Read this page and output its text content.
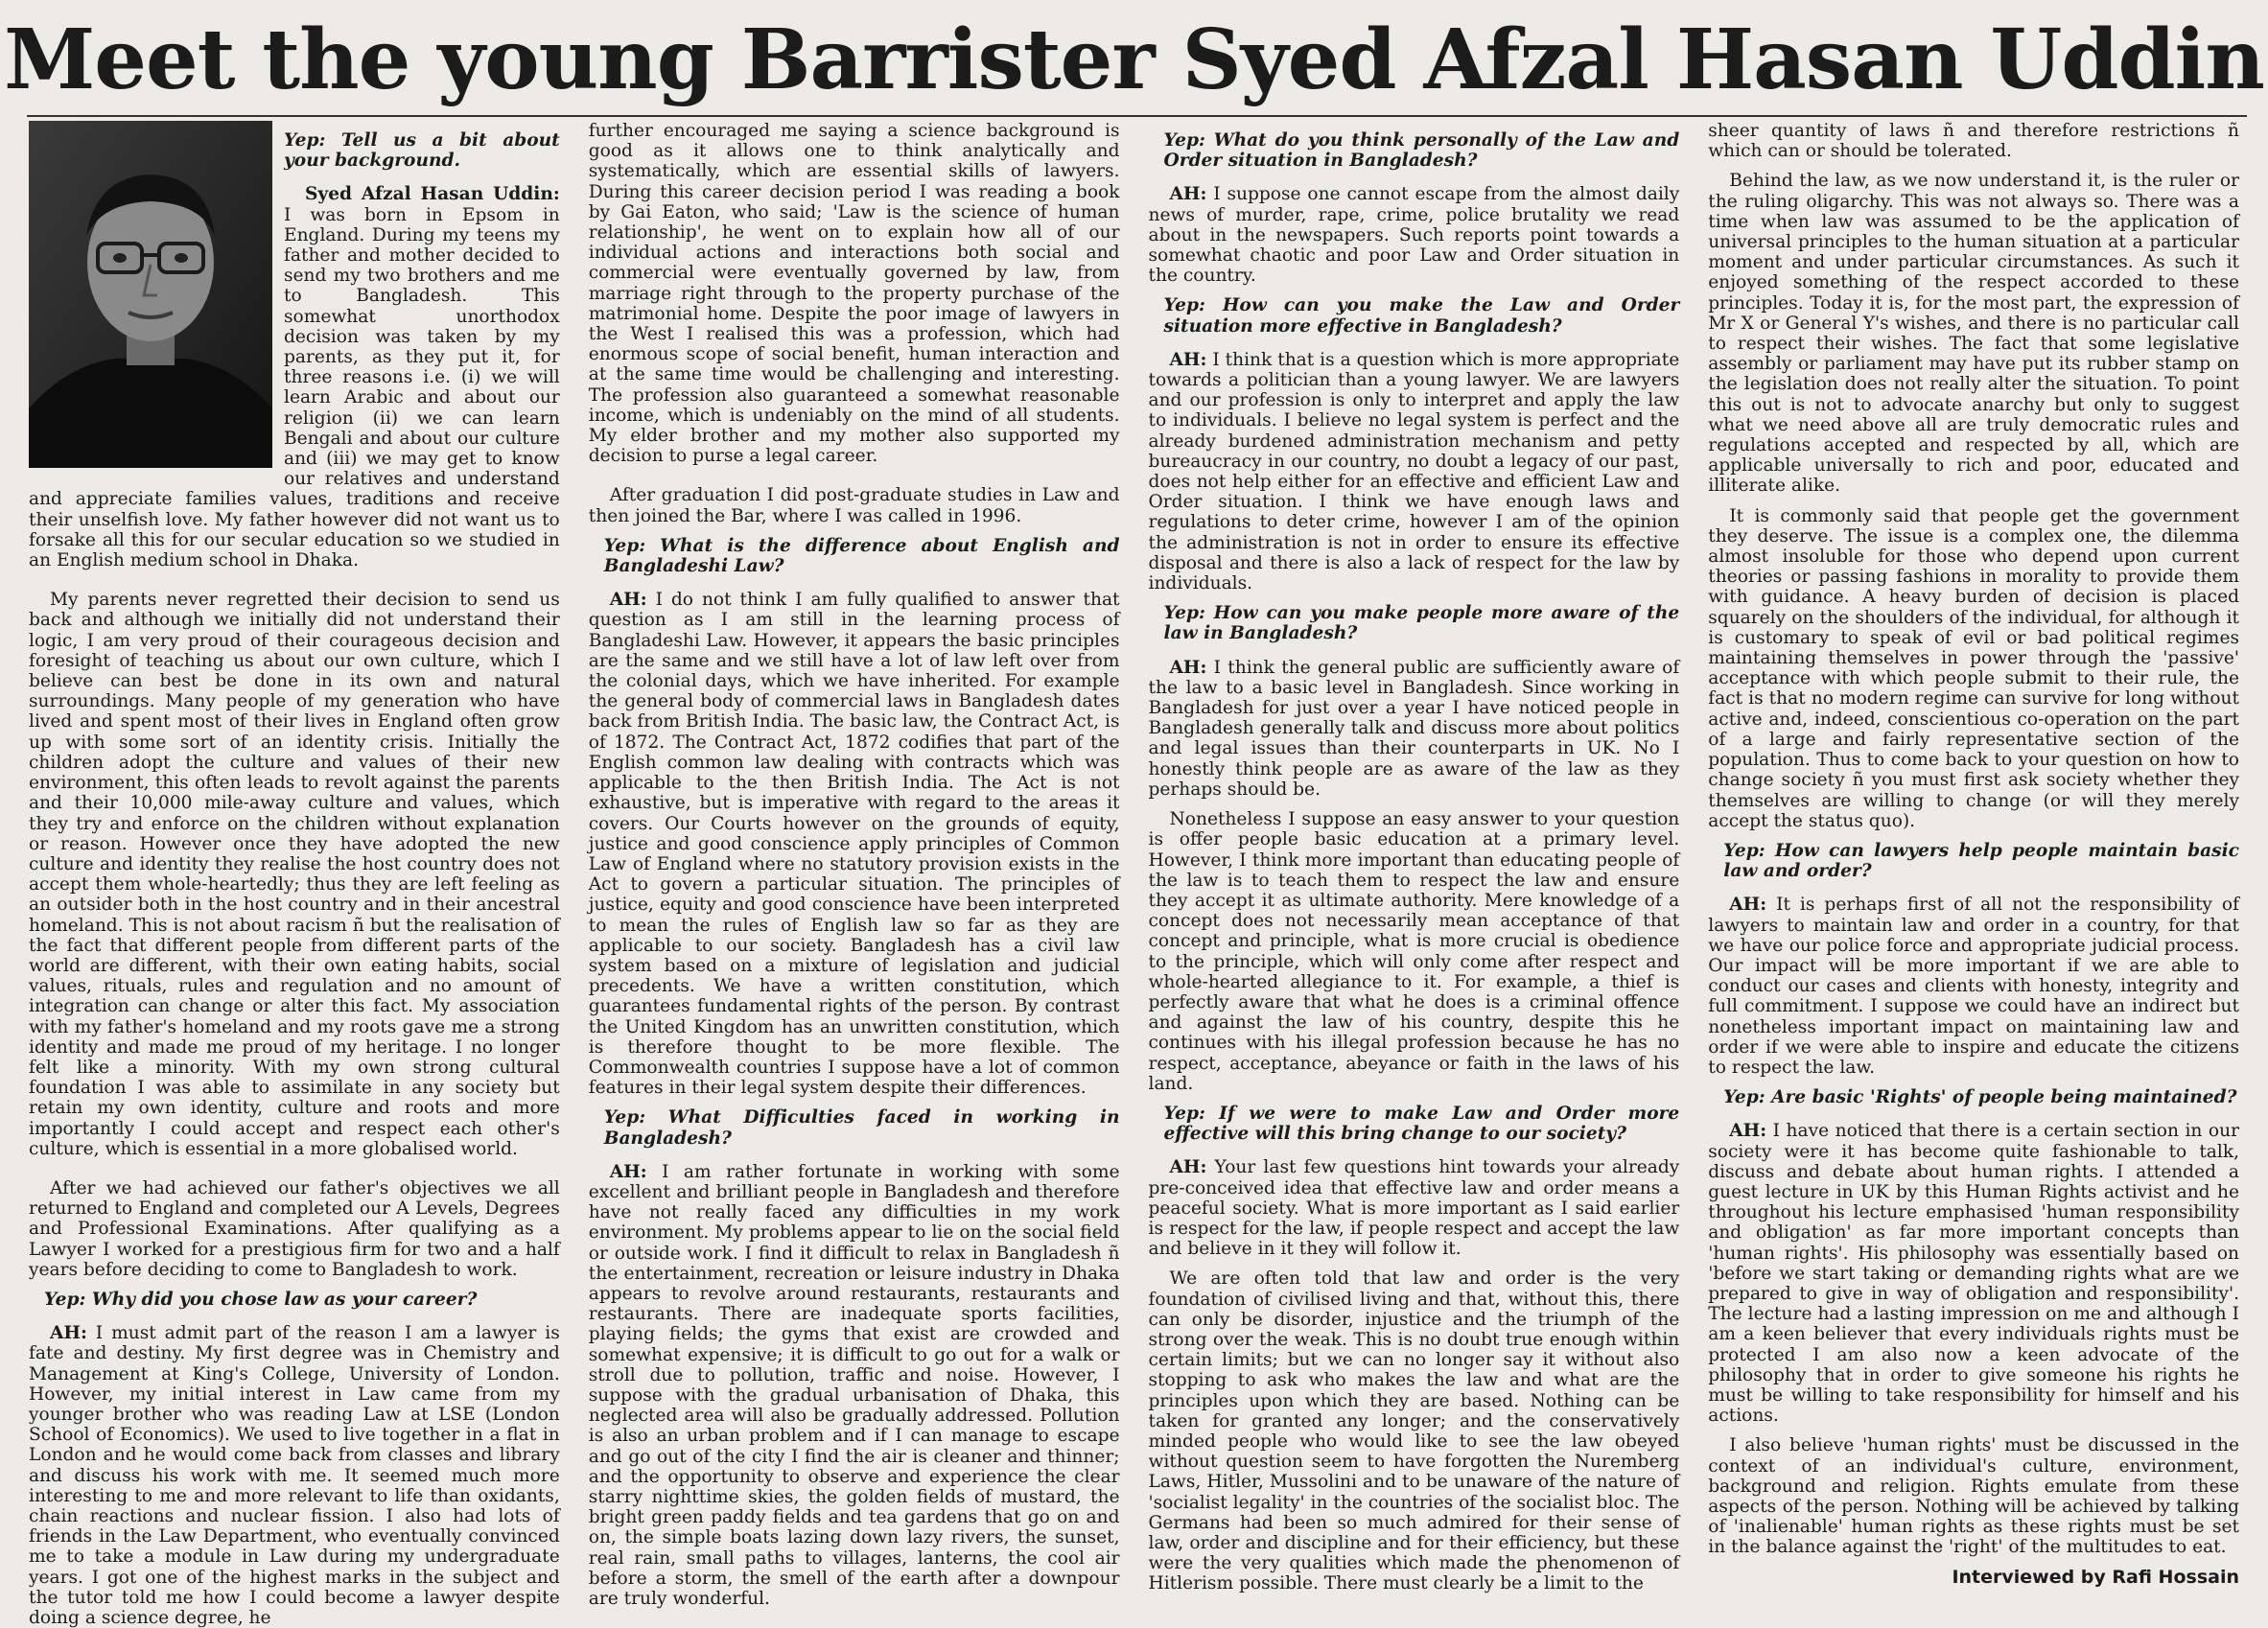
Meet the young Barrister Syed Afzal Hasan Uddin

Yep: Tell us a bit about your background.

Syed Afzal Hasan Uddin: I was born in Epsom in England. During my teens my father and mother decided to send my two brothers and me to Bangladesh. This somewhat unorthodox decision was taken by my parents, as they put it, for three reasons i.e. (i) we will learn Arabic and about our religion (ii) we can learn Bengali and about our culture and (iii) we may get to know our relatives and understand and appreciate families values, traditions and receive their unselfish love. My father however did not want us to forsake all this for our secular education so we studied in an English medium school in Dhaka.

My parents never regretted their decision to send us back and although we initially did not understand their logic, I am very proud of their courageous decision and foresight of teaching us about our own culture, which I believe can best be done in its own and natural surroundings. Many people of my generation who have lived and spent most of their lives in England often grow up with some sort of an identity crisis. Initially the children adopt the culture and values of their new environment, this often leads to revolt against the parents and their 10,000 mile-away culture and values, which they try and enforce on the children without explanation or reason. However once they have adopted the new culture and identity they realise the host country does not accept them whole-heartedly; thus they are left feeling as an outsider both in the host country and in their ancestral homeland. This is not about racism ñ but the realisation of the fact that different people from different parts of the world are different, with their own eating habits, social values, rituals, rules and regulation and no amount of integration can change or alter this fact. My association with my father's homeland and my roots gave me a strong identity and made me proud of my heritage. I no longer felt like a minority. With my own strong cultural foundation I was able to assimilate in any society but retain my own identity, culture and roots and more importantly I could accept and respect each other's culture, which is essential in a more globalised world.

After we had achieved our father's objectives we all returned to England and completed our A Levels, Degrees and Professional Examinations. After qualifying as a Lawyer I worked for a prestigious firm for two and a half years before deciding to come to Bangladesh to work.

Yep: Why did you chose law as your career?

AH: I must admit part of the reason I am a lawyer is fate and destiny. My first degree was in Chemistry and Management at King's College, University of London. However, my initial interest in Law came from my younger brother who was reading Law at LSE (London School of Economics). We used to live together in a flat in London and he would come back from classes and library and discuss his work with me. It seemed much more interesting to me and more relevant to life than oxidants, chain reactions and nuclear fission. I also had lots of friends in the Law Department, who eventually convinced me to take a module in Law during my undergraduate years. I got one of the highest marks in the subject and the tutor told me how I could become a lawyer despite doing a science degree, he

further encouraged me saying a science background is good as it allows one to think analytically and systematically, which are essential skills of lawyers. During this career decision period I was reading a book by Gai Eaton, who said; 'Law is the science of human relationship', he went on to explain how all of our individual actions and interactions both social and commercial were eventually governed by law, from marriage right through to the property purchase of the matrimonial home. Despite the poor image of lawyers in the West I realised this was a profession, which had enormous scope of social benefit, human interaction and at the same time would be challenging and interesting. The profession also guaranteed a somewhat reasonable income, which is undeniably on the mind of all students. My elder brother and my mother also supported my decision to purse a legal career.

After graduation I did post-graduate studies in Law and then joined the Bar, where I was called in 1996.

Yep: What is the difference about English and Bangladeshi Law?

AH: I do not think I am fully qualified to answer that question as I am still in the learning process of Bangladeshi Law. However, it appears the basic principles are the same and we still have a lot of law left over from the colonial days, which we have inherited. For example the general body of commercial laws in Bangladesh dates back from British India. The basic law, the Contract Act, is of 1872. The Contract Act, 1872 codifies that part of the English common law dealing with contracts which was applicable to the then British India. The Act is not exhaustive, but is imperative with regard to the areas it covers. Our Courts however on the grounds of equity, justice and good conscience apply principles of Common Law of England where no statutory provision exists in the Act to govern a particular situation. The principles of justice, equity and good conscience have been interpreted to mean the rules of English law so far as they are applicable to our society. Bangladesh has a civil law system based on a mixture of legislation and judicial precedents. We have a written constitution, which guarantees fundamental rights of the person. By contrast the United Kingdom has an unwritten constitution, which is therefore thought to be more flexible. The Commonwealth countries I suppose have a lot of common features in their legal system despite their differences.

Yep: What Difficulties faced in working in Bangladesh?

AH: I am rather fortunate in working with some excellent and brilliant people in Bangladesh and therefore have not really faced any difficulties in my work environment. My problems appear to lie on the social field or outside work. I find it difficult to relax in Bangladesh ñ the entertainment, recreation or leisure industry in Dhaka appears to revolve around restaurants, restaurants and restaurants. There are inadequate sports facilities, playing fields; the gyms that exist are crowded and somewhat expensive; it is difficult to go out for a walk or stroll due to pollution, traffic and noise. However, I suppose with the gradual urbanisation of Dhaka, this neglected area will also be gradually addressed. Pollution is also an urban problem and if I can manage to escape and go out of the city I find the air is cleaner and thinner; and the opportunity to observe and experience the clear starry nighttime skies, the golden fields of mustard, the bright green paddy fields and tea gardens that go on and on, the simple boats lazing down lazy rivers, the sunset, real rain, small paths to villages, lanterns, the cool air before a storm, the smell of the earth after a downpour are truly wonderful.

Yep: What do you think personally of the Law and Order situation in Bangladesh?

AH: I suppose one cannot escape from the almost daily news of murder, rape, crime, police brutality we read about in the newspapers. Such reports point towards a somewhat chaotic and poor Law and Order situation in the country.

Yep: How can you make the Law and Order situation more effective in Bangladesh?

AH: I think that is a question which is more appropriate towards a politician than a young lawyer. We are lawyers and our profession is only to interpret and apply the law to individuals. I believe no legal system is perfect and the already burdened administration mechanism and petty bureaucracy in our country, no doubt a legacy of our past, does not help either for an effective and efficient Law and Order situation. I think we have enough laws and regulations to deter crime, however I am of the opinion the administration is not in order to ensure its effective disposal and there is also a lack of respect for the law by individuals.

Yep: How can you make people more aware of the law in Bangladesh?

AH: I think the general public are sufficiently aware of the law to a basic level in Bangladesh. Since working in Bangladesh for just over a year I have noticed people in Bangladesh generally talk and discuss more about politics and legal issues than their counterparts in UK. No I honestly think people are as aware of the law as they perhaps should be.

Nonetheless I suppose an easy answer to your question is offer people basic education at a primary level. However, I think more important than educating people of the law is to teach them to respect the law and ensure they accept it as ultimate authority. Mere knowledge of a concept does not necessarily mean acceptance of that concept and principle, what is more crucial is obedience to the principle, which will only come after respect and whole-hearted allegiance to it. For example, a thief is perfectly aware that what he does is a criminal offence and against the law of his country, despite this he continues with his illegal profession because he has no respect, acceptance, abeyance or faith in the laws of his land.

Yep: If we were to make Law and Order more effective will this bring change to our society?

AH: Your last few questions hint towards your already pre-conceived idea that effective law and order means a peaceful society. What is more important as I said earlier is respect for the law, if people respect and accept the law and believe in it they will follow it.

We are often told that law and order is the very foundation of civilised living and that, without this, there can only be disorder, injustice and the triumph of the strong over the weak. This is no doubt true enough within certain limits; but we can no longer say it without also stopping to ask who makes the law and what are the principles upon which they are based. Nothing can be taken for granted any longer; and the conservatively minded people who would like to see the law obeyed without question seem to have forgotten the Nuremberg Laws, Hitler, Mussolini and to be unaware of the nature of 'socialist legality' in the countries of the socialist bloc. The Germans had been so much admired for their sense of law, order and discipline and for their efficiency, but these were the very qualities which made the phenomenon of Hitlerism possible. There must clearly be a limit to the

sheer quantity of laws ñ and therefore restrictions ñ which can or should be tolerated.

Behind the law, as we now understand it, is the ruler or the ruling oligarchy. This was not always so. There was a time when law was assumed to be the application of universal principles to the human situation at a particular moment and under particular circumstances. As such it enjoyed something of the respect accorded to these principles. Today it is, for the most part, the expression of Mr X or General Y's wishes, and there is no particular call to respect their wishes. The fact that some legislative assembly or parliament may have put its rubber stamp on the legislation does not really alter the situation. To point this out is not to advocate anarchy but only to suggest what we need above all are truly democratic rules and regulations accepted and respected by all, which are applicable universally to rich and poor, educated and illiterate alike.

It is commonly said that people get the government they deserve. The issue is a complex one, the dilemma almost insoluble for those who depend upon current theories or passing fashions in morality to provide them with guidance. A heavy burden of decision is placed squarely on the shoulders of the individual, for although it is customary to speak of evil or bad political regimes maintaining themselves in power through the 'passive' acceptance with which people submit to their rule, the fact is that no modern regime can survive for long without active and, indeed, conscientious co-operation on the part of a large and fairly representative section of the population. Thus to come back to your question on how to change society ñ you must first ask society whether they themselves are willing to change (or will they merely accept the status quo).

Yep: How can lawyers help people maintain basic law and order?

AH: It is perhaps first of all not the responsibility of lawyers to maintain law and order in a country, for that we have our police force and appropriate judicial process. Our impact will be more important if we are able to conduct our cases and clients with honesty, integrity and full commitment. I suppose we could have an indirect but nonetheless important impact on maintaining law and order if we were able to inspire and educate the citizens to respect the law.

Yep: Are basic 'Rights' of people being maintained?

AH: I have noticed that there is a certain section in our society were it has become quite fashionable to talk, discuss and debate about human rights. I attended a guest lecture in UK by this Human Rights activist and he throughout his lecture emphasised 'human responsibility and obligation' as far more important concepts than 'human rights'. His philosophy was essentially based on 'before we start taking or demanding rights what are we prepared to give in way of obligation and responsibility'. The lecture had a lasting impression on me and although I am a keen believer that every individuals rights must be protected I am also now a keen advocate of the philosophy that in order to give someone his rights he must be willing to take responsibility for himself and his actions.

I also believe 'human rights' must be discussed in the context of an individual's culture, environment, background and religion. Rights emulate from these aspects of the person. Nothing will be achieved by talking of 'inalienable' human rights as these rights must be set in the balance against the 'right' of the multitudes to eat.

Interviewed by Rafi Hossain
